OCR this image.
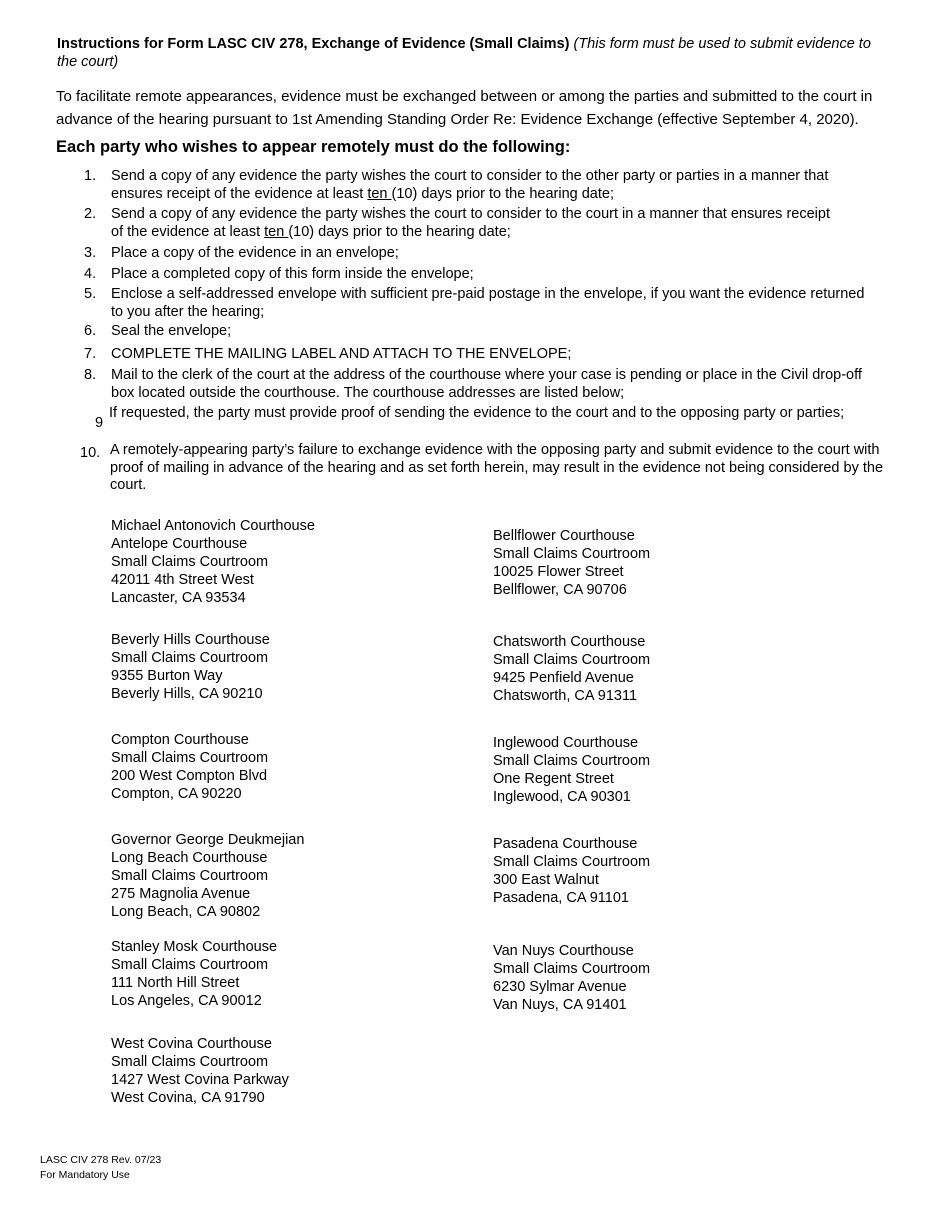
Instructions for Form LASC CIV 278, Exchange of Evidence (Small Claims) (This form must be used to submit evidence to the court)
To facilitate remote appearances, evidence must be exchanged between or among the parties and submitted to the court in advance of the hearing pursuant to 1st Amending Standing Order Re: Evidence Exchange (effective September 4, 2020).
Each party who wishes to appear remotely must do the following:
1. Send a copy of any evidence the party wishes the court to consider to the other party or parties in a manner that ensures receipt of the evidence at least ten (10) days prior to the hearing date;
2. Send a copy of any evidence the party wishes the court to consider to the court in a manner that ensures receipt of the evidence at least ten (10) days prior to the hearing date;
3. Place a copy of the evidence in an envelope;
4. Place a completed copy of this form inside the envelope;
5. Enclose a self-addressed envelope with sufficient pre-paid postage in the envelope, if you want the evidence returned to you after the hearing;
6. Seal the envelope;
7. COMPLETE THE MAILING LABEL AND ATTACH TO THE ENVELOPE;
8. Mail to the clerk of the court at the address of the courthouse where your case is pending or place in the Civil drop-off box located outside the courthouse. The courthouse addresses are listed below;
9
If requested, the party must provide proof of sending the evidence to the court and to the opposing party or parties;
10. A remotely-appearing party’s failure to exchange evidence with the opposing party and submit evidence to the court with proof of mailing in advance of the hearing and as set forth herein, may result in the evidence not being considered by the court.
Michael Antonovich Courthouse
Antelope Courthouse
Small Claims Courtroom
42011 4th Street West
Lancaster, CA 93534
Beverly Hills Courthouse
Small Claims Courtroom
9355 Burton Way
Beverly Hills, CA 90210
Compton Courthouse
Small Claims Courtroom
200 West Compton Blvd
Compton, CA 90220
Governor George Deukmejian
Long Beach Courthouse
Small Claims Courtroom
275 Magnolia Avenue
Long Beach, CA 90802
Stanley Mosk Courthouse
Small Claims Courtroom
111 North Hill Street
Los Angeles, CA 90012
West Covina Courthouse
Small Claims Courtroom
1427 West Covina Parkway
West Covina, CA 91790
Bellflower Courthouse
Small Claims Courtroom
10025 Flower Street
Bellflower, CA 90706
Chatsworth Courthouse
Small Claims Courtroom
9425 Penfield Avenue
Chatsworth, CA 91311
Inglewood Courthouse
Small Claims Courtroom
One Regent Street
Inglewood, CA 90301
Pasadena Courthouse
Small Claims Courtroom
300 East Walnut
Pasadena, CA 91101
Van Nuys Courthouse
Small Claims Courtroom
6230 Sylmar Avenue
Van Nuys, CA 91401
LASC CIV 278 Rev. 07/23
For Mandatory Use
